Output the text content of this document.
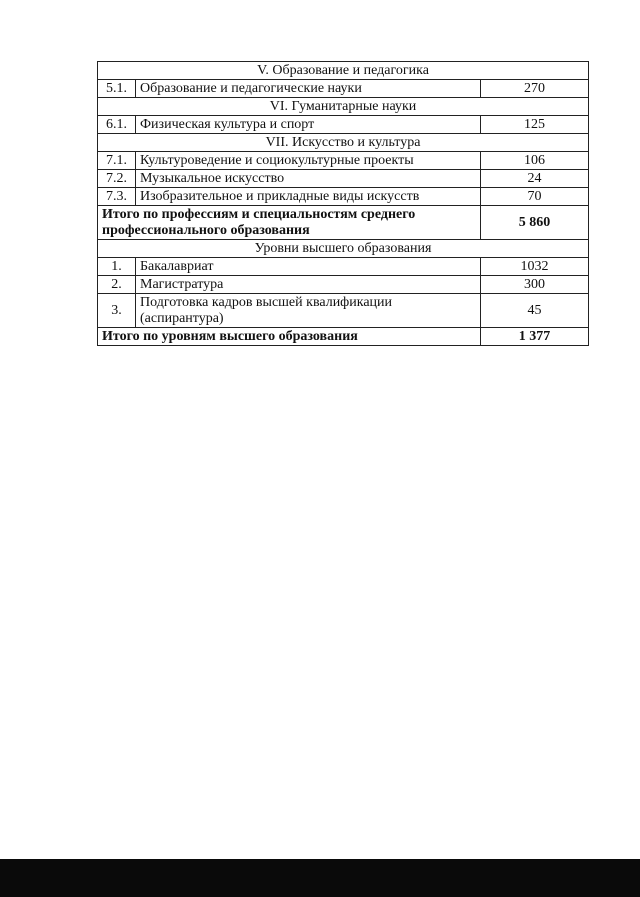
V. Образование и педагогика		
5.1.	Образование и педагогические науки	270
VI. Гуманитарные науки		
6.1.	Физическая культура и спорт	125
VII. Искусство и культура		
7.1.	Культуроведение и социокультурные проекты	106
7.2.	Музыкальное искусство	24
7.3.	Изобразительное и прикладные виды искусств	70
Итого по профессиям и специальностям среднего профессионального образования		5 860
Уровни высшего образования		
1.	Бакалавриат	1032
2.	Магистратура	300
3.	Подготовка кадров высшей квалификации (аспирантура)	45
Итого по уровням высшего образования		1 377
